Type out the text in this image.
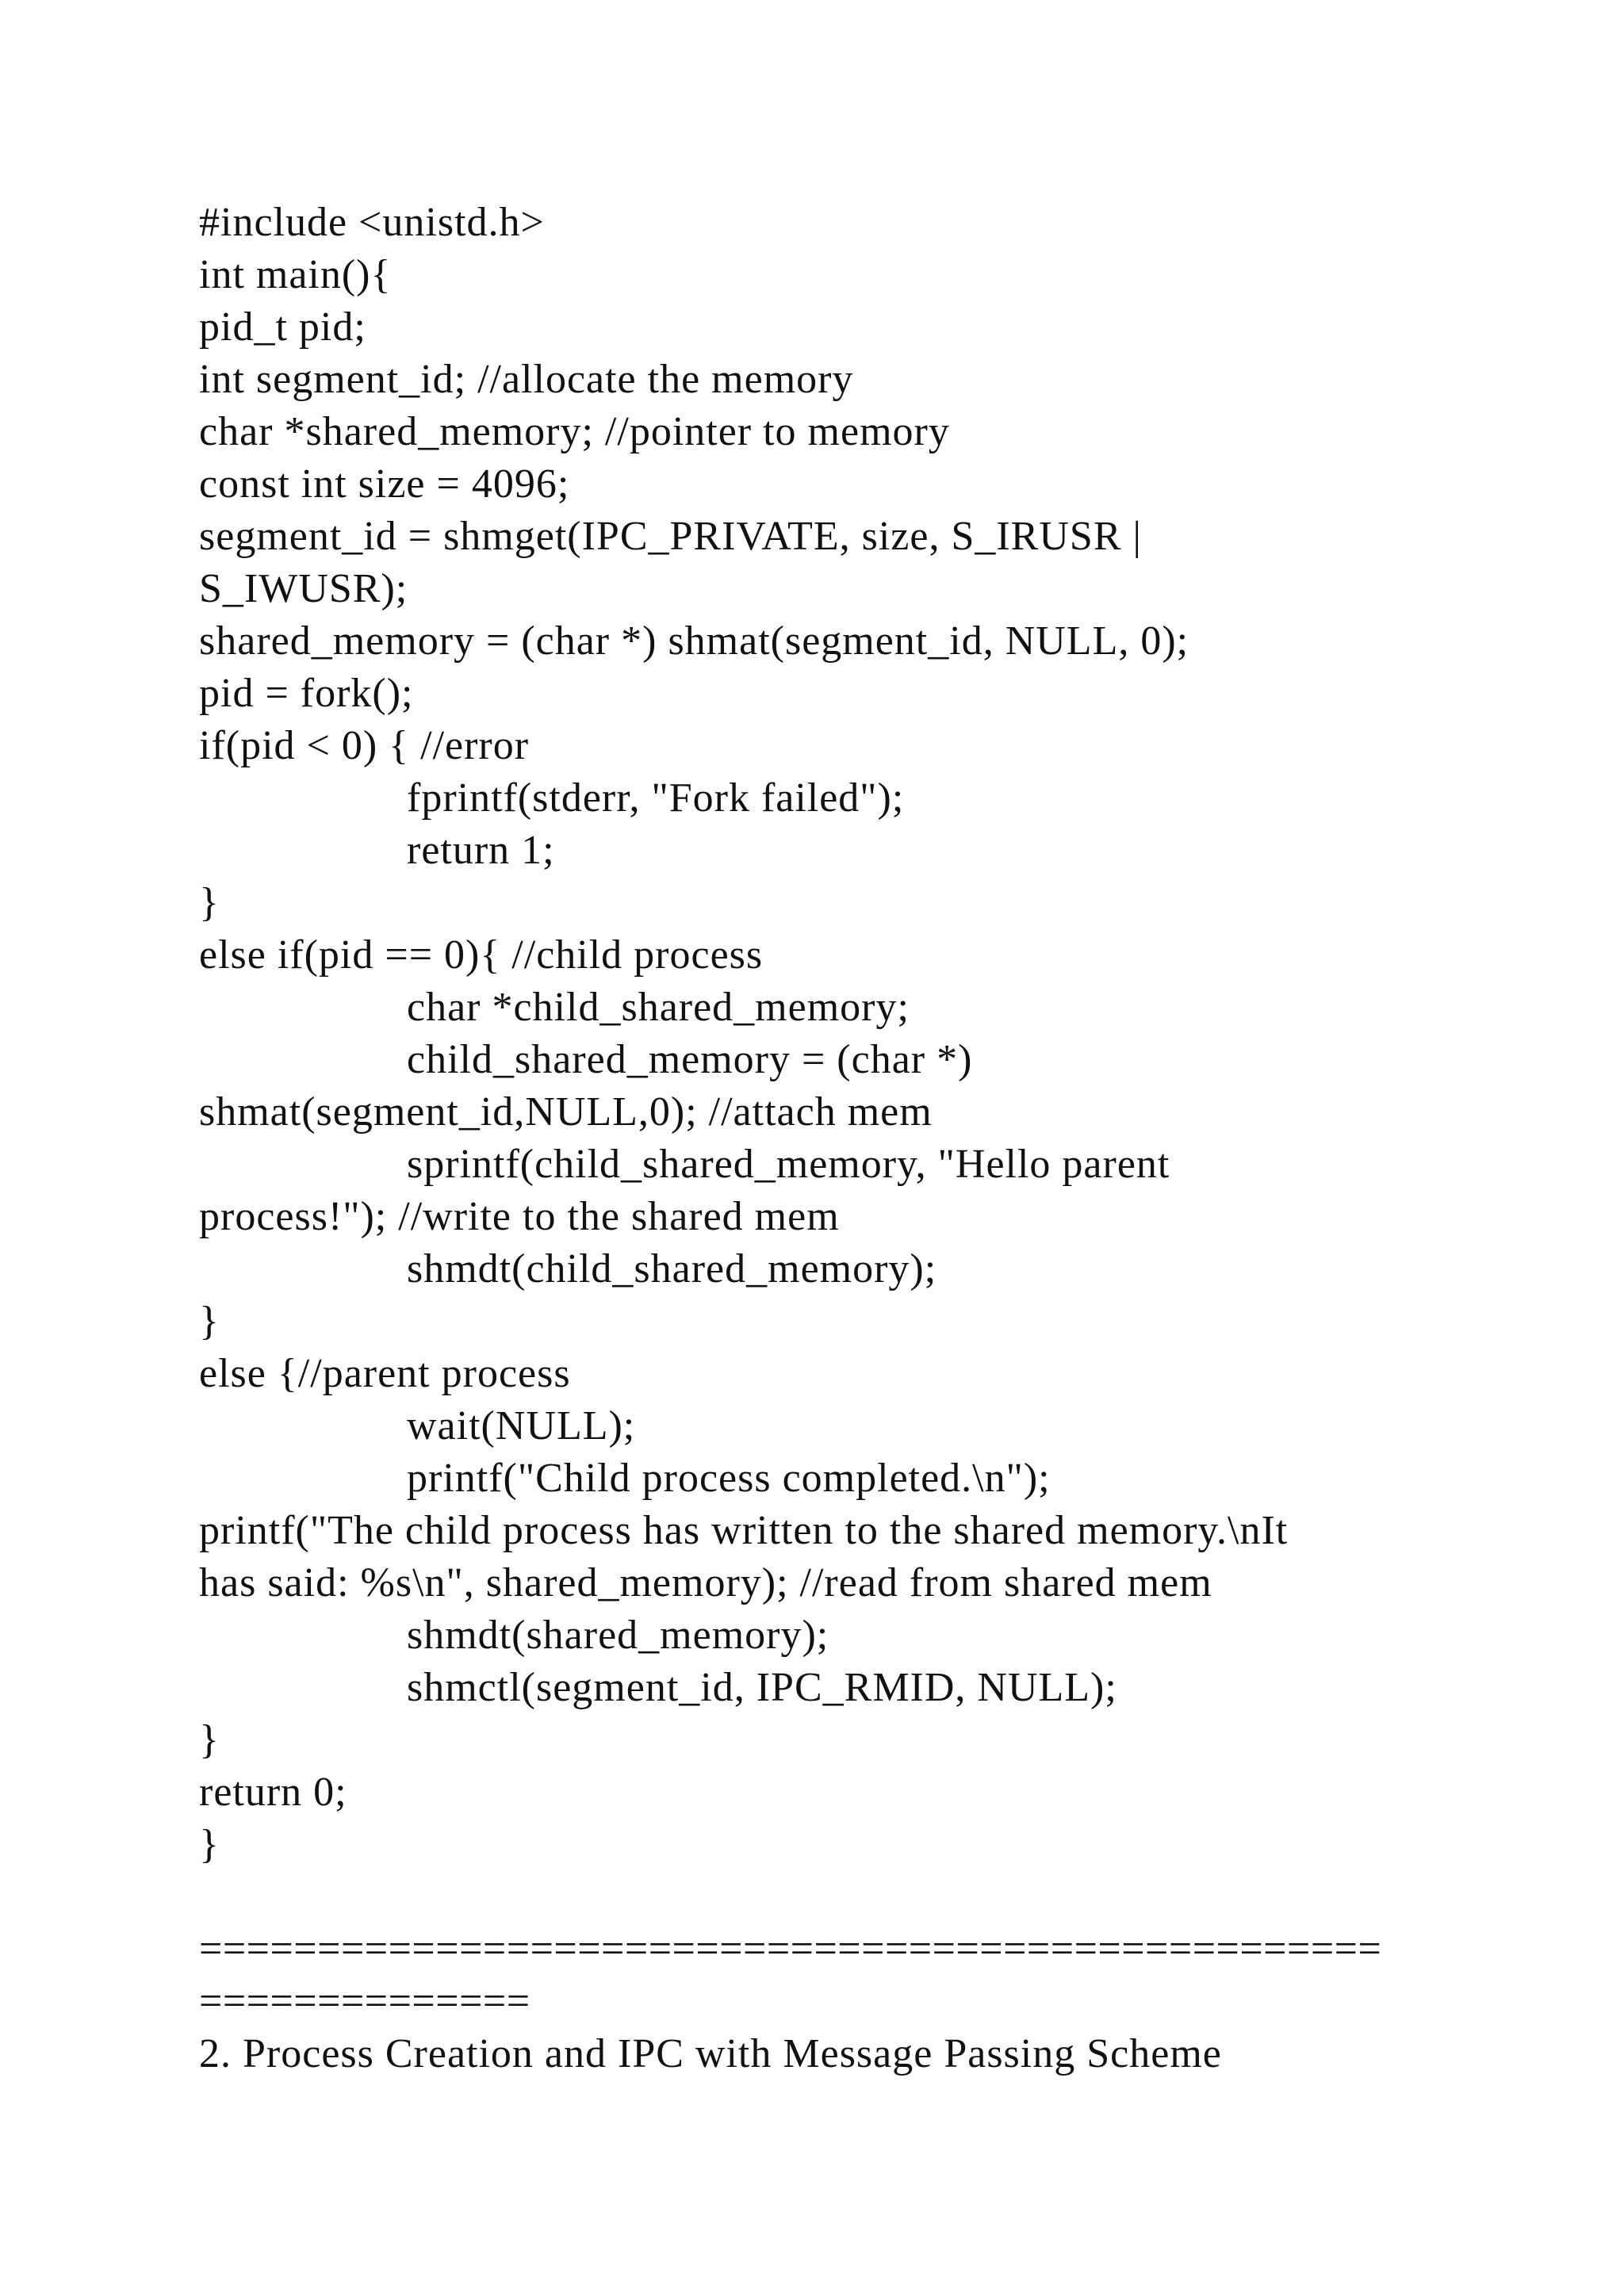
#include <unistd.h>
int main(){
pid_t pid;
int segment_id; //allocate the memory
char *shared_memory; //pointer to memory
const int size = 4096;
segment_id = shmget(IPC_PRIVATE, size, S_IRUSR |
S_IWUSR);
shared_memory = (char *) shmat(segment_id, NULL, 0);
pid = fork();
if(pid < 0) { //error
fprintf(stderr, "Fork failed");
return 1;
}
else if(pid == 0){ //child process
char *child_shared_memory;
child_shared_memory = (char *)
shmat(segment_id,NULL,0); //attach mem
sprintf(child_shared_memory, "Hello parent
process!"); //write to the shared mem
shmdt(child_shared_memory);
}
else {//parent process
wait(NULL);
printf("Child process completed.\n");
printf("The child process has written to the shared memory.\nIt
has said: %s\n", shared_memory); //read from shared mem
shmdt(shared_memory);
shmctl(segment_id, IPC_RMID, NULL);
}
return 0;
}
==================================================
==============
2. Process Creation and IPC with Message Passing Scheme
